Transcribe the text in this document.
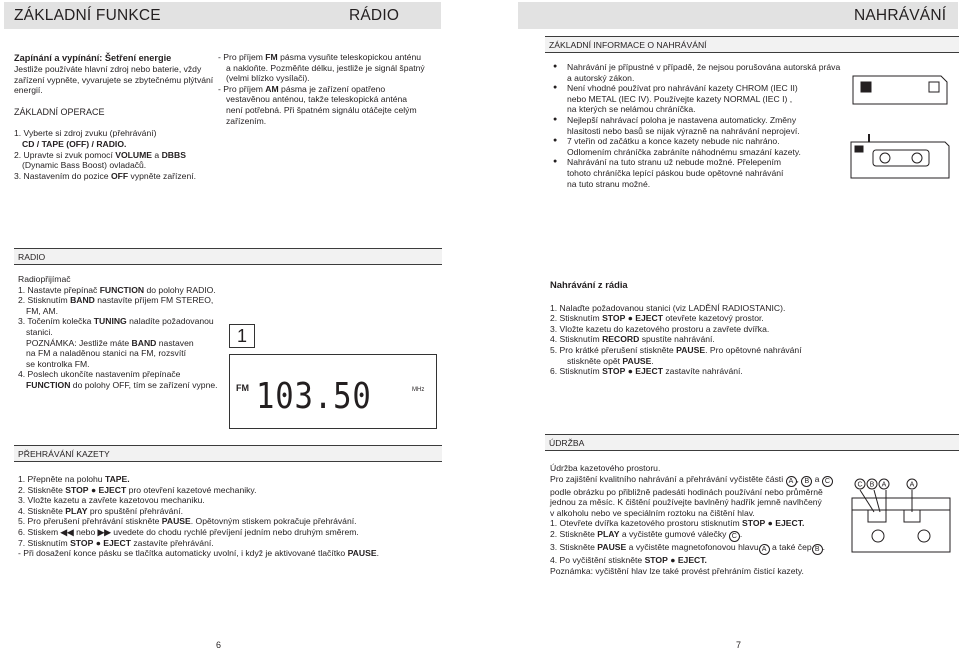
ZÁKLADNÍ FUNKCE	RÁDIO	NAHRÁVÁNÍ
Zapínání a vypínání: Šetření energie
Jestliže používáte hlavní zdroj nebo baterie, vždy
zařízení vypněte, vyvarujete se zbytečnému plýtvání
energií.
ZÁKLADNÍ OPERACE
1. Vyberte si zdroj zvuku (přehrávání)
CD / TAPE (OFF) / RADIO.
2. Upravte si zvuk pomocí VOLUME a DBBS
(Dynamic Bass Boost) ovladačů.
3. Nastavením do pozice OFF vypněte zařízení.
- Pro příjem FM pásma vysuňte teleskopickou anténu
a nakloňte. Pozměňte délku, jestliže je signál špatný
(velmi blízko vysílači).
- Pro příjem AM pásma je zařízení opatřeno
vestavěnou anténou, takže teleskopická anténa
není potřebná. Při špatném signálu otáčejte celým
zařízením.
ZÁKLADNÍ INFORMACE O NAHRÁVÁNÍ
● Nahrávání je přípustné v případě, že nejsou porušována autorská práva
a autorský zákon.
● Není vhodné používat pro nahrávání kazety CHROM (IEC II)
nebo METAL (IEC IV). Používejte kazety NORMAL (IEC I) ,
na kterých se nelámou chráníčka.
● Nejlepší nahrávací poloha je nastavena automaticky. Změny
hlasitosti nebo basů se nijak výrazně na nahrávání neprojeví.
● 7 vteřin od začátku a konce kazety nebude nic nahráno.
Odlomením chráníčka zabráníte náhodnému smazání kazety.
● Nahrávání na tuto stranu už nebude možné. Přelepením
tohoto chráníčka lepící páskou bude opětovné nahrávání
na tuto stranu možné.
RADIO
Radiopřijímač
1. Nastavte přepínač FUNCTION do polohy RADIO.
2. Stisknutím BAND nastavíte příjem FM STEREO,
FM, AM.
3. Točením kolečka TUNING naladíte požadovanou
stanici.
POZNÁMKA: Jestliže máte BAND nastaven
na FM a naladěnou stanici na FM, rozsvítí
se kontrolka FM.
4. Poslech ukončíte nastavením přepínače
FUNCTION do polohy OFF, tím se zařízení vypne.
1
FM 103.50	MHz
Nahrávání z rádia
1. Nalaďte požadovanou stanici (viz LADĚNÍ RADIOSTANIC).
2. Stisknutím STOP ● EJECT otevřete kazetový prostor.
3. Vložte kazetu do kazetového prostoru a zavřete dvířka.
4. Stisknutím RECORD spustíte nahrávání.
5. Pro krátké přerušení stiskněte PAUSE. Pro opětovné nahrávání
stiskněte opět PAUSE.
6. Stisknutím STOP ● EJECT zastavíte nahrávání.
PŘEHRÁVÁNÍ KAZETY
1. Přepněte na polohu TAPE.
2. Stiskněte STOP ● EJECT pro otevření kazetové mechaniky.
3. Vložte kazetu a zavřete kazetovou mechaniku.
4. Stiskněte PLAY pro spuštění přehrávání.
5. Pro přerušení přehrávání stiskněte PAUSE. Opětovným stiskem pokračuje přehrávání.
6. Stiskem ◀◀ nebo ▶▶ uvedete do chodu rychlé převíjení jedním nebo druhým směrem.
7. Stisknutím STOP ● EJECT zastavíte přehrávání.
- Při dosažení konce pásku se tlačítka automaticky uvolní, i když je aktivované tlačítko PAUSE.
ÚDRŽBA
Údržba kazetového prostoru.
Pro zajištění kvalitního nahrávání a přehrávání vyčistěte části A , B a C
podle obrázku po přibližně padesáti hodinách používání nebo průměrně
jednou za měsíc. K čištění používejte bavlněný hadřík jemně navlhčený
v alkoholu nebo ve speciálním roztoku na čištění hlav.
1. Otevřete dvířka kazetového prostoru stisknutím STOP ● EJECT.
2. Stiskněte PLAY a vyčistěte gumové válečky C .
3. Stiskněte PAUSE a vyčistěte magnetofonovou hlavu A a také čep B .
4. Po vyčištění stiskněte STOP ● EJECT.
Poznámka: vyčištění hlav lze také provést přehráním čisticí kazety.
C B A	A
6	7
